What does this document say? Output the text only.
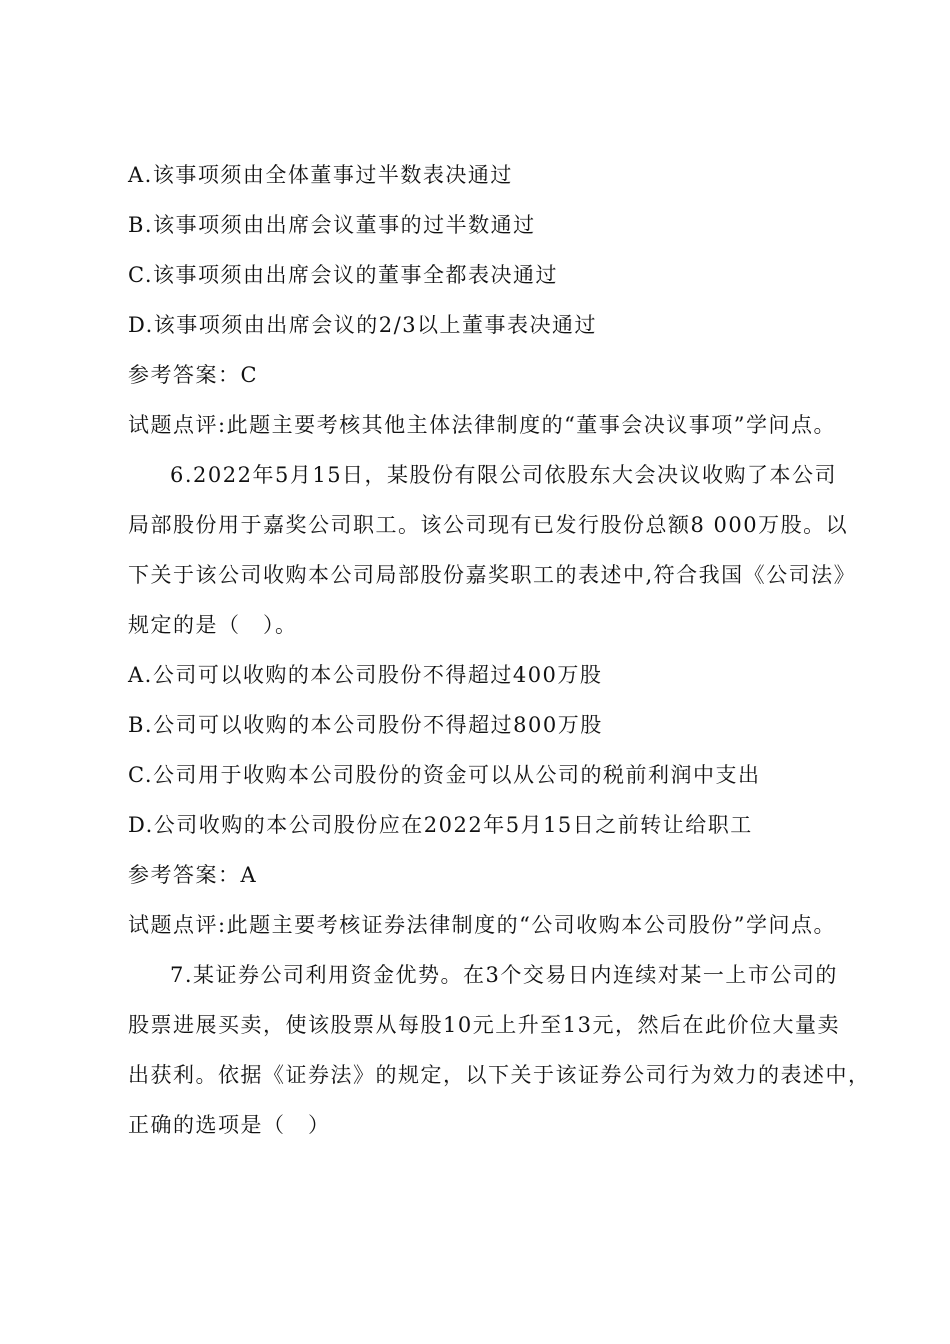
A.该事项须由全体董事过半数表决通过
B.该事项须由出席会议董事的过半数通过
C.该事项须由出席会议的董事全都表决通过
D.该事项须由出席会议的2/3以上董事表决通过
参考答案：C
试题点评:此题主要考核其他主体法律制度的“董事会决议事项”学问点。
6.2022年5月15日，某股份有限公司依股东大会决议收购了本公司
局部股份用于嘉奖公司职工。该公司现有已发行股份总额8 000万股。以
下关于该公司收购本公司局部股份嘉奖职工的表述中,符合我国《公司法》
规定的是（　）。
A.公司可以收购的本公司股份不得超过400万股
B.公司可以收购的本公司股份不得超过800万股
C.公司用于收购本公司股份的资金可以从公司的税前利润中支出
D.公司收购的本公司股份应在2022年5月15日之前转让给职工
参考答案：A
试题点评:此题主要考核证券法律制度的“公司收购本公司股份”学问点。
7.某证券公司利用资金优势。在3个交易日内连续对某一上市公司的
股票进展买卖，使该股票从每股10元上升至13元，然后在此价位大量卖
出获利。依据《证券法》的规定，以下关于该证券公司行为效力的表述中，
正确的选项是（　）
